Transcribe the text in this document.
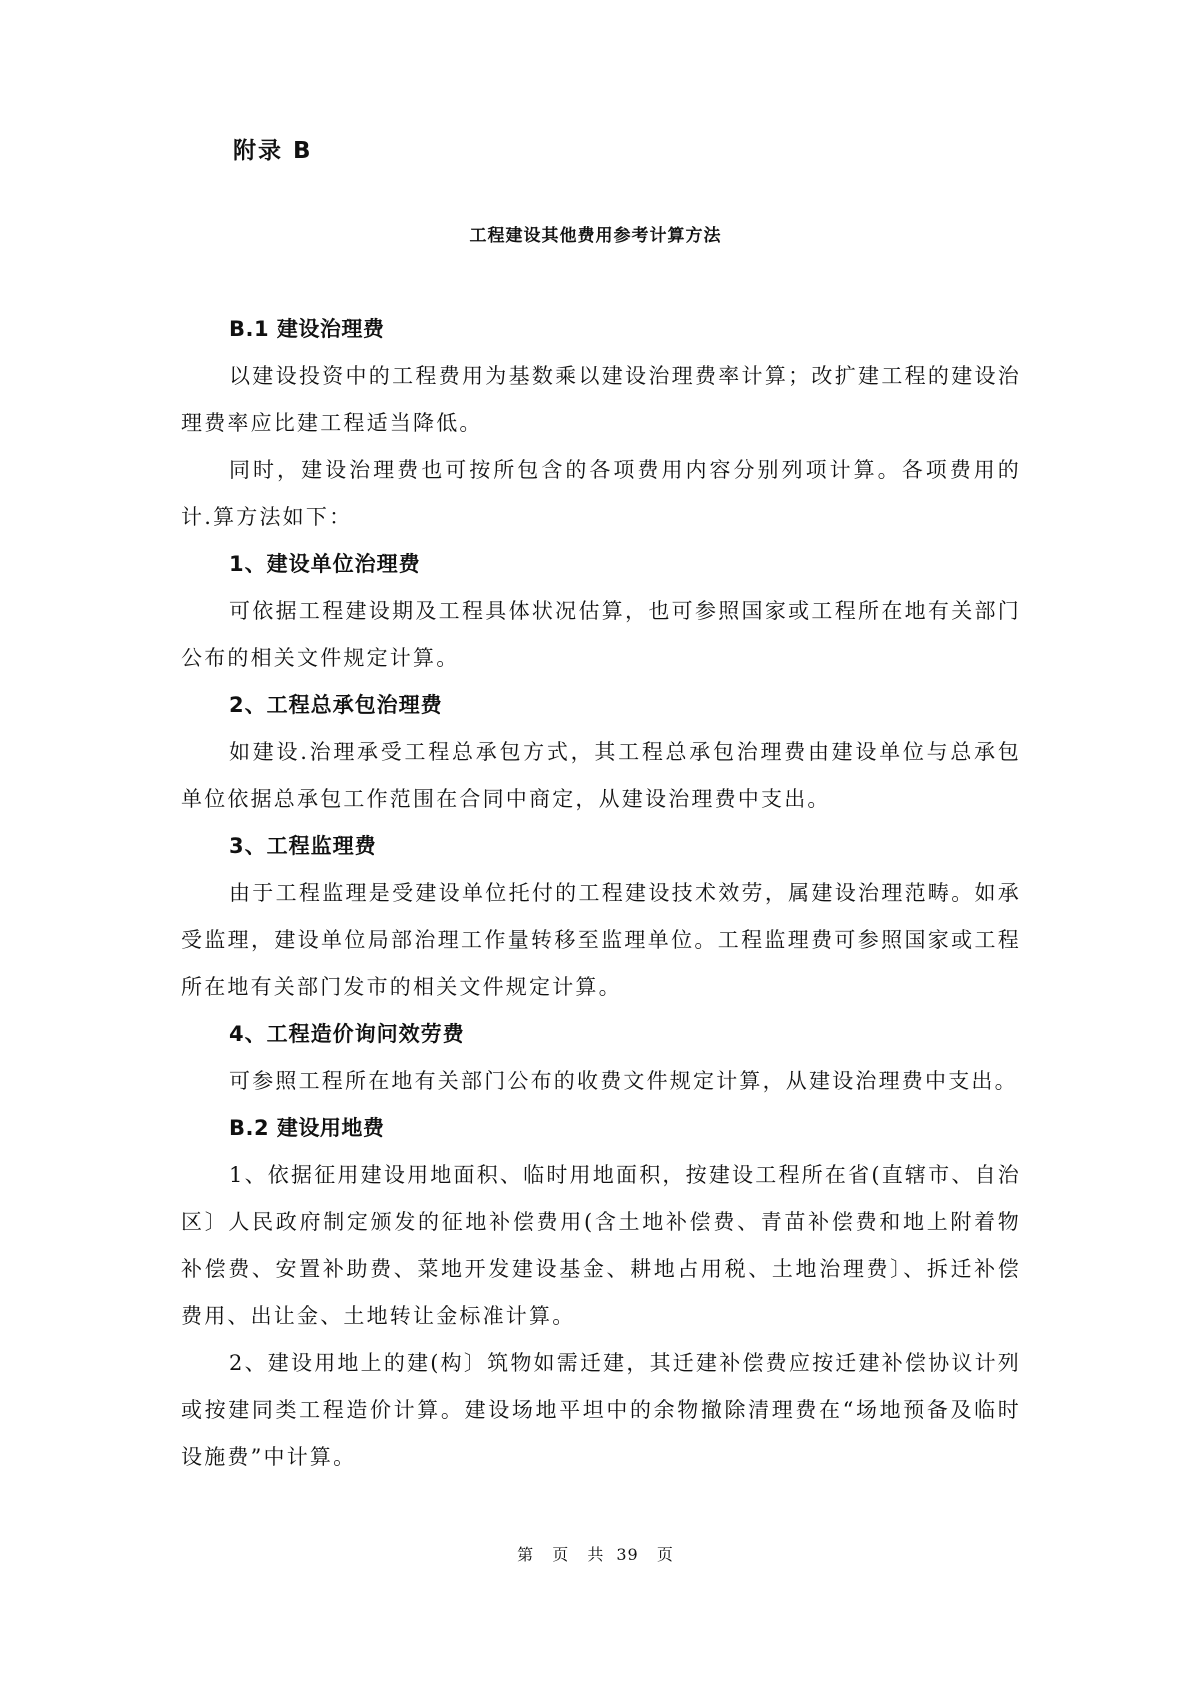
附录 B

工程建设其他费用参考计算方法

B.1 建设治理费

以建设投资中的工程费用为基数乘以建设治理费率计算；改扩建工程的建设治理费率应比建工程适当降低。

同时，建设治理费也可按所包含的各项费用内容分别列项计算。各项费用的计.算方法如下：

1、建设单位治理费

可依据工程建设期及工程具体状况估算，也可参照国家或工程所在地有关部门公布的相关文件规定计算。

2、工程总承包治理费

如建设.治理承受工程总承包方式，其工程总承包治理费由建设单位与总承包单位依据总承包工作范围在合同中商定，从建设治理费中支出。

3、工程监理费

由于工程监理是受建设单位托付的工程建设技术效劳，属建设治理范畴。如承受监理，建设单位局部治理工作量转移至监理单位。工程监理费可参照国家或工程所在地有关部门发市的相关文件规定计算。

4、工程造价询问效劳费

可参照工程所在地有关部门公布的收费文件规定计算，从建设治理费中支出。

B.2 建设用地费

1、依据征用建设用地面积、临时用地面积，按建设工程所在省(直辖市、自治区〕人民政府制定颁发的征地补偿费用(含土地补偿费、青苗补偿费和地上附着物补偿费、安置补助费、菜地开发建设基金、耕地占用税、土地治理费〕、拆迁补偿费用、出让金、土地转让金标准计算。

2、建设用地上的建(构〕筑物如需迁建，其迁建补偿费应按迁建补偿协议计列或按建同类工程造价计算。建设场地平坦中的余物撤除清理费在“场地预备及临时设施费”中计算。

第 页 共 39 页
